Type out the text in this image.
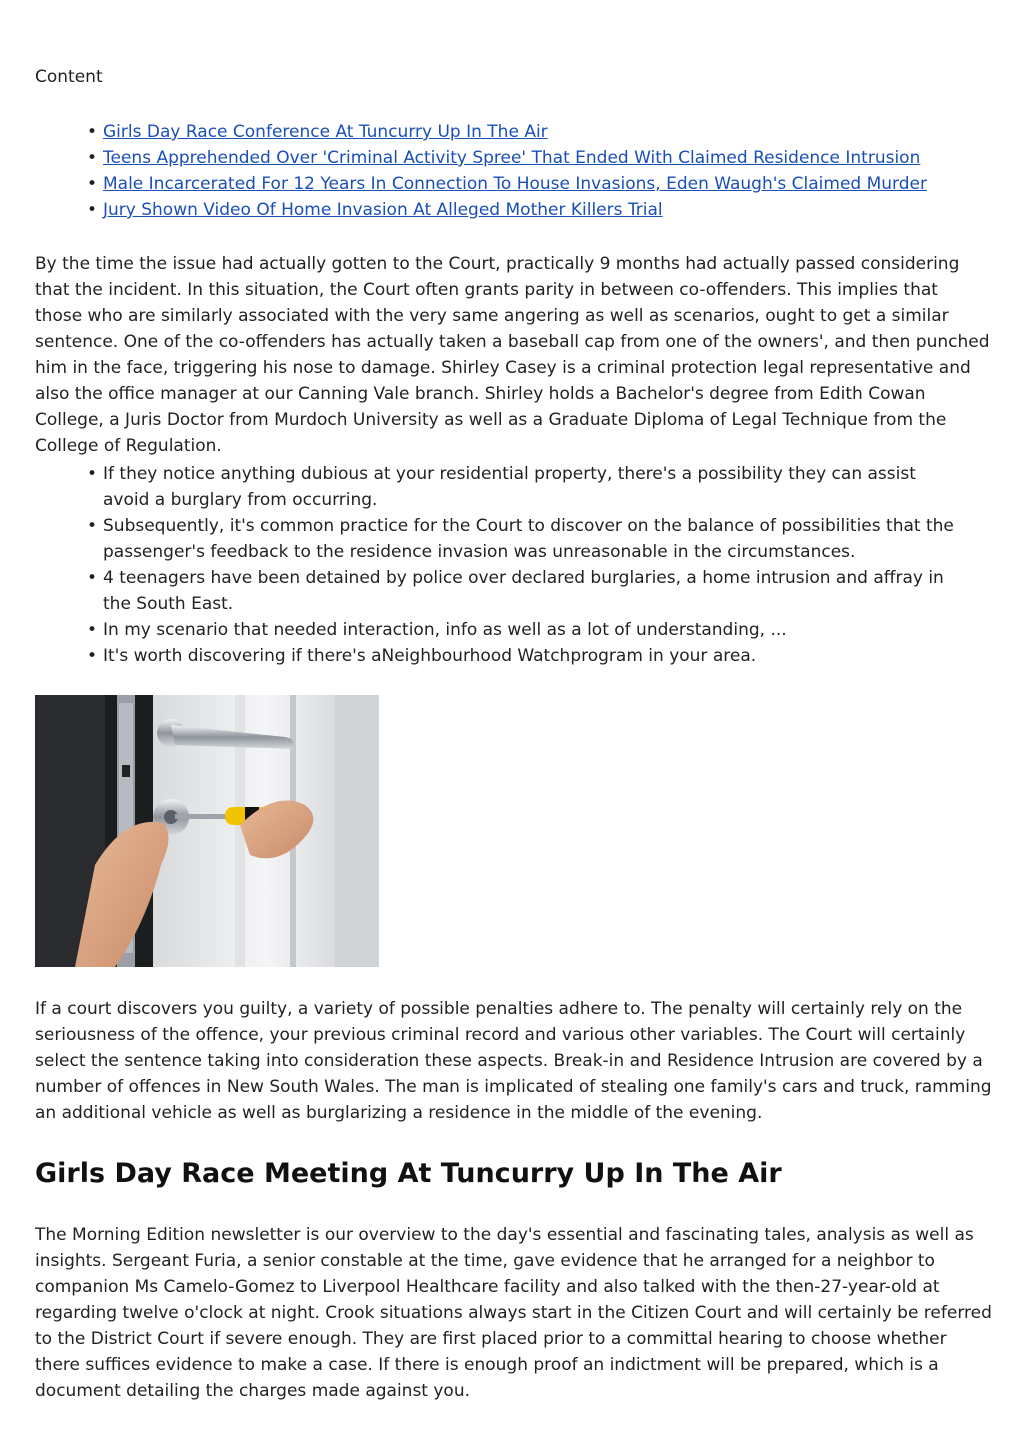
Content
• Girls Day Race Conference At Tuncurry Up In The Air
• Teens Apprehended Over 'Criminal Activity Spree' That Ended With Claimed Residence Intrusion
• Male Incarcerated For 12 Years In Connection To House Invasions, Eden Waugh's Claimed Murder
• Jury Shown Video Of Home Invasion At Alleged Mother Killers Trial

By the time the issue had actually gotten to the Court, practically 9 months had actually passed considering that the incident. In this situation, the Court often grants parity in between co-offenders. This implies that those who are similarly associated with the very same angering as well as scenarios, ought to get a similar sentence. One of the co-offenders has actually taken a baseball cap from one of the owners', and then punched him in the face, triggering his nose to damage. Shirley Casey is a criminal protection legal representative and also the office manager at our Canning Vale branch. Shirley holds a Bachelor's degree from Edith Cowan College, a Juris Doctor from Murdoch University as well as a Graduate Diploma of Legal Technique from the College of Regulation.

• If they notice anything dubious at your residential property, there's a possibility they can assist avoid a burglary from occurring.
• Subsequently, it's common practice for the Court to discover on the balance of possibilities that the passenger's feedback to the residence invasion was unreasonable in the circumstances.
• 4 teenagers have been detained by police over declared burglaries, a home intrusion and affray in the South East.
• In my scenario that needed interaction, info as well as a lot of understanding, ...
• It's worth discovering if there's aNeighbourhood Watchprogram in your area.

If a court discovers you guilty, a variety of possible penalties adhere to. The penalty will certainly rely on the seriousness of the offence, your previous criminal record and various other variables. The Court will certainly select the sentence taking into consideration these aspects. Break-in and Residence Intrusion are covered by a number of offences in New South Wales. The man is implicated of stealing one family's cars and truck, ramming an additional vehicle as well as burglarizing a residence in the middle of the evening.

Girls Day Race Meeting At Tuncurry Up In The Air

The Morning Edition newsletter is our overview to the day's essential and fascinating tales, analysis as well as insights. Sergeant Furia, a senior constable at the time, gave evidence that he arranged for a neighbor to companion Ms Camelo-Gomez to Liverpool Healthcare facility and also talked with the then-27-year-old at regarding twelve o'clock at night. Crook situations always start in the Citizen Court and will certainly be referred to the District Court if severe enough. They are first placed prior to a committal hearing to choose whether there suffices evidence to make a case. If there is enough proof an indictment will be prepared, which is a document detailing the charges made against you.
